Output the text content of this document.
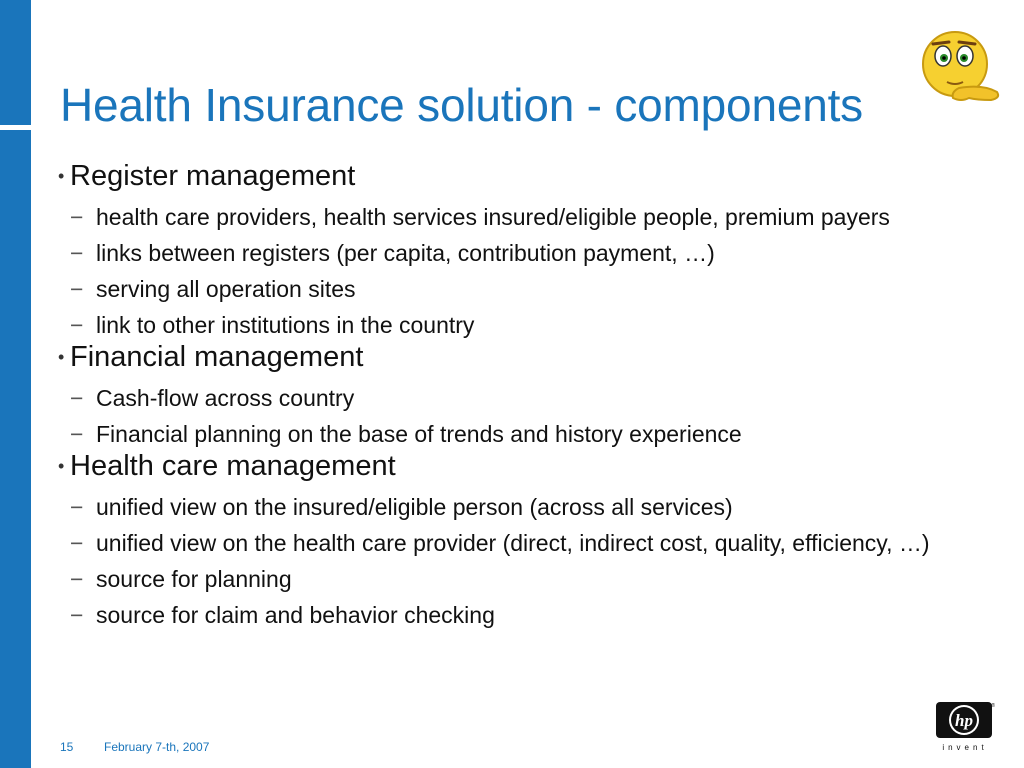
Health Insurance solution - components
• Register management
− health care providers, health services insured/eligible people, premium payers
− links between registers (per capita, contribution payment, …)
− serving all operation sites
− link to other institutions in the country
• Financial management
− Cash-flow across country
− Financial planning on the base of trends and history experience
• Health care management
− unified view on the insured/eligible person (across all services)
− unified view on the health care provider (direct, indirect cost, quality, efficiency, …)
− source for planning
− source for claim and behavior checking
15	February 7-th, 2007
hp
®
invent
